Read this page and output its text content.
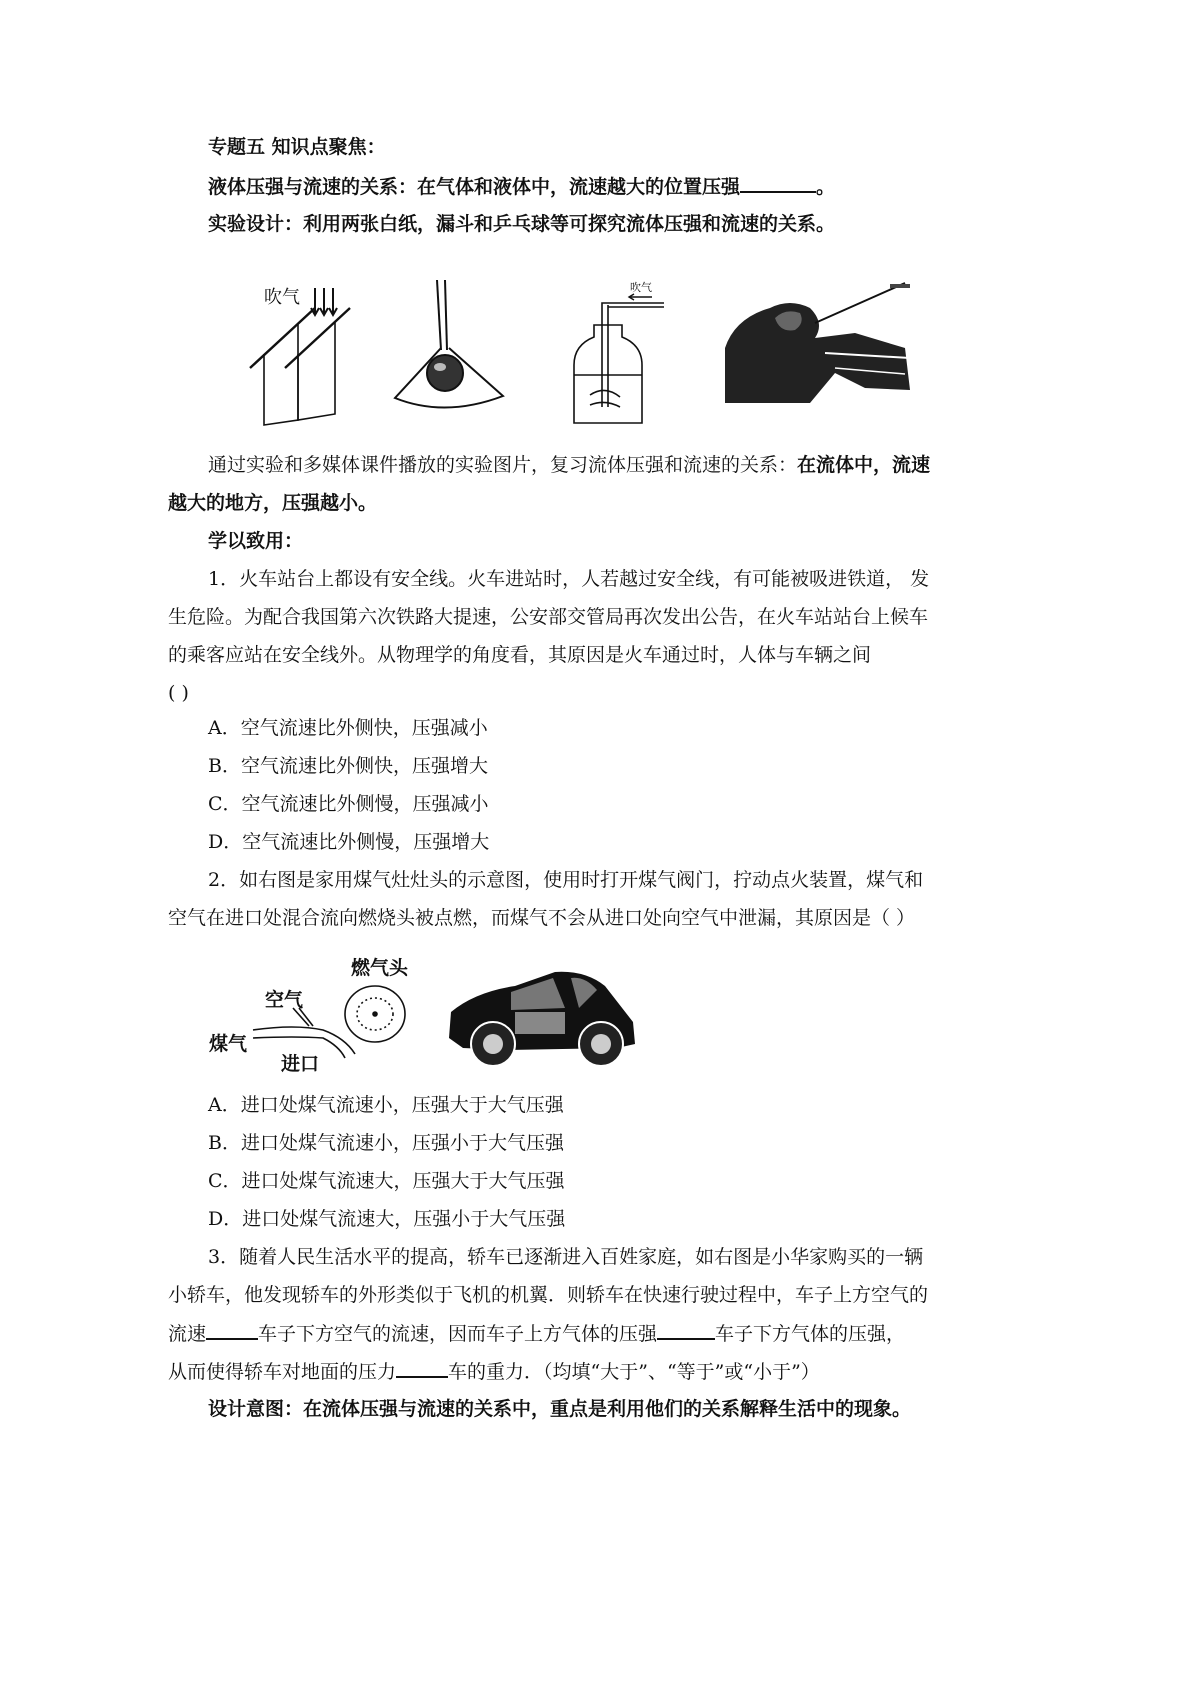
专题五 知识点聚焦：
液体压强与流速的关系：在气体和液体中，流速越大的位置压强	。
实验设计：利用两张白纸，漏斗和乒乓球等可探究流体压强和流速的关系。
吹气	吹气
通过实验和多媒体课件播放的实验图片，复习流体压强和流速的关系：在流体中，流速
越大的地方，压强越小。
学以致用：
1．火车站台上都设有安全线。火车进站时，人若越过安全线，有可能被吸进铁道， 发
生危险。为配合我国第六次铁路大提速，公安部交管局再次发出公告，在火车站站台上候车
的乘客应站在安全线外。从物理学的角度看，其原因是火车通过时，人体与车辆之间
( )
A．空气流速比外侧快，压强减小
B．空气流速比外侧快，压强增大
C．空气流速比外侧慢，压强减小
D．空气流速比外侧慢，压强增大
2．如右图是家用煤气灶灶头的示意图，使用时打开煤气阀门，拧动点火装置，煤气和
空气在进口处混合流向燃烧头被点燃，而煤气不会从进口处向空气中泄漏，其原因是（ ）
燃气头
空气
煤气
进口
A．进口处煤气流速小，压强大于大气压强
B．进口处煤气流速小，压强小于大气压强
C．进口处煤气流速大，压强大于大气压强
D．进口处煤气流速大，压强小于大气压强
3．随着人民生活水平的提高，轿车已逐渐进入百姓家庭，如右图是小华家购买的一辆
小轿车，他发现轿车的外形类似于飞机的机翼．则轿车在快速行驶过程中，车子上方空气的
流速	车子下方空气的流速，因而车子上方气体的压强	车子下方气体的压强，
从而使得轿车对地面的压力	车的重力．（均填“大于”、“等于”或“小于”）
设计意图：在流体压强与流速的关系中，重点是利用他们的关系解释生活中的现象。
